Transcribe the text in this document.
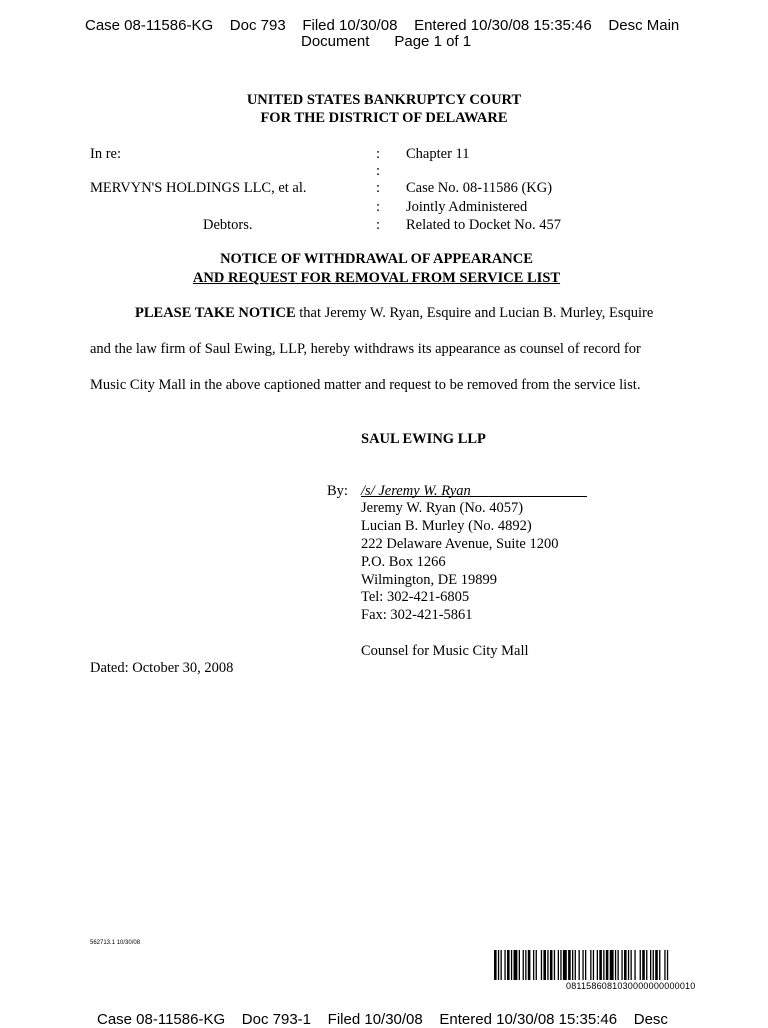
Case 08-11586-KG    Doc 793    Filed 10/30/08    Entered 10/30/08 15:35:46    Desc Main
Document      Page 1 of 1
UNITED STATES BANKRUPTCY COURT
FOR THE DISTRICT OF DELAWARE
In re:
MERVYN'S HOLDINGS LLC, et al.
Debtors.
:
:
:
:
:
Chapter 11
Case No. 08-11586 (KG)
Jointly Administered
Related to Docket No. 457
NOTICE OF WITHDRAWAL OF APPEARANCE
AND REQUEST FOR REMOVAL FROM SERVICE LIST
PLEASE TAKE NOTICE that Jeremy W. Ryan, Esquire and Lucian B. Murley, Esquire
and the law firm of Saul Ewing, LLP, hereby withdraws its appearance as counsel of record for
Music City Mall in the above captioned matter and request to be removed from the service list.
SAUL EWING LLP
By: /s/ Jeremy W. Ryan
Jeremy W. Ryan (No. 4057)
Lucian B. Murley (No. 4892)
222 Delaware Avenue, Suite 1200
P.O. Box 1266
Wilmington, DE 19899
Tel: 302-421-6805
Fax: 302-421-5861
Counsel for Music City Mall
Dated: October 30, 2008
562713.1 10/30/08
0811586081030000000000010
Case 08-11586-KG    Doc 793-1    Filed 10/30/08    Entered 10/30/08 15:35:46    Desc
